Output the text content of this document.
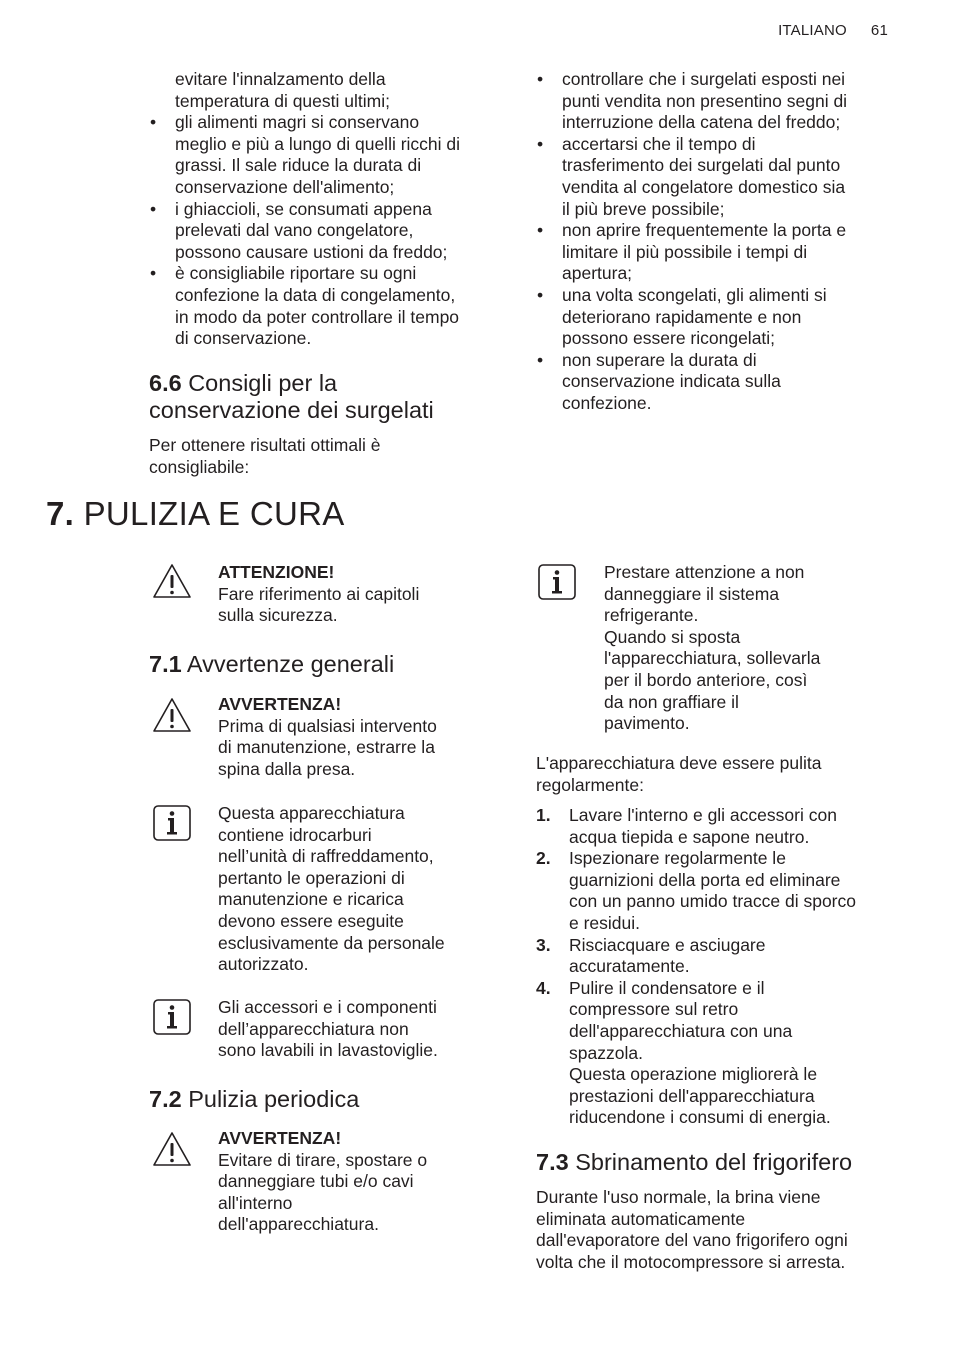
ITALIANO 61
evitare l'innalzamento della
temperatura di questi ultimi;
• gli alimenti magri si conservano
meglio e più a lungo di quelli ricchi di
grassi. Il sale riduce la durata di
conservazione dell'alimento;
• i ghiaccioli, se consumati appena
prelevati dal vano congelatore,
possono causare ustioni da freddo;
• è consigliabile riportare su ogni
confezione la data di congelamento,
in modo da poter controllare il tempo
di conservazione.
6.6 Consigli per la
conservazione dei surgelati
Per ottenere risultati ottimali è
consigliabile:
• controllare che i surgelati esposti nei
punti vendita non presentino segni di
interruzione della catena del freddo;
• accertarsi che il tempo di
trasferimento dei surgelati dal punto
vendita al congelatore domestico sia
il più breve possibile;
• non aprire frequentemente la porta e
limitare il più possibile i tempi di
apertura;
• una volta scongelati, gli alimenti si
deteriorano rapidamente e non
possono essere ricongelati;
• non superare la durata di
conservazione indicata sulla
confezione.
7. PULIZIA E CURA
ATTENZIONE!
Fare riferimento ai capitoli
sulla sicurezza.
7.1 Avvertenze generali
AVVERTENZA!
Prima di qualsiasi intervento
di manutenzione, estrarre la
spina dalla presa.
Questa apparecchiatura
contiene idrocarburi
nell’unità di raffreddamento,
pertanto le operazioni di
manutenzione e ricarica
devono essere eseguite
esclusivamente da personale
autorizzato.
Gli accessori e i componenti
dell’apparecchiatura non
sono lavabili in lavastoviglie.
7.2 Pulizia periodica
AVVERTENZA!
Evitare di tirare, spostare o
danneggiare tubi e/o cavi
all'interno
dell'apparecchiatura.
Prestare attenzione a non
danneggiare il sistema
refrigerante.
Quando si sposta
l'apparecchiatura, sollevarla
per il bordo anteriore, così
da non graffiare il
pavimento.
L'apparecchiatura deve essere pulita
regolarmente:
1. Lavare l'interno e gli accessori con
acqua tiepida e sapone neutro.
2. Ispezionare regolarmente le
guarnizioni della porta ed eliminare
con un panno umido tracce di sporco
e residui.
3. Risciacquare e asciugare
accuratamente.
4. Pulire il condensatore e il
compressore sul retro
dell'apparecchiatura con una
spazzola.
Questa operazione migliorerà le
prestazioni dell'apparecchiatura
riducendone i consumi di energia.
7.3 Sbrinamento del frigorifero
Durante l'uso normale, la brina viene
eliminata automaticamente
dall'evaporatore del vano frigorifero ogni
volta che il motocompressore si arresta.
